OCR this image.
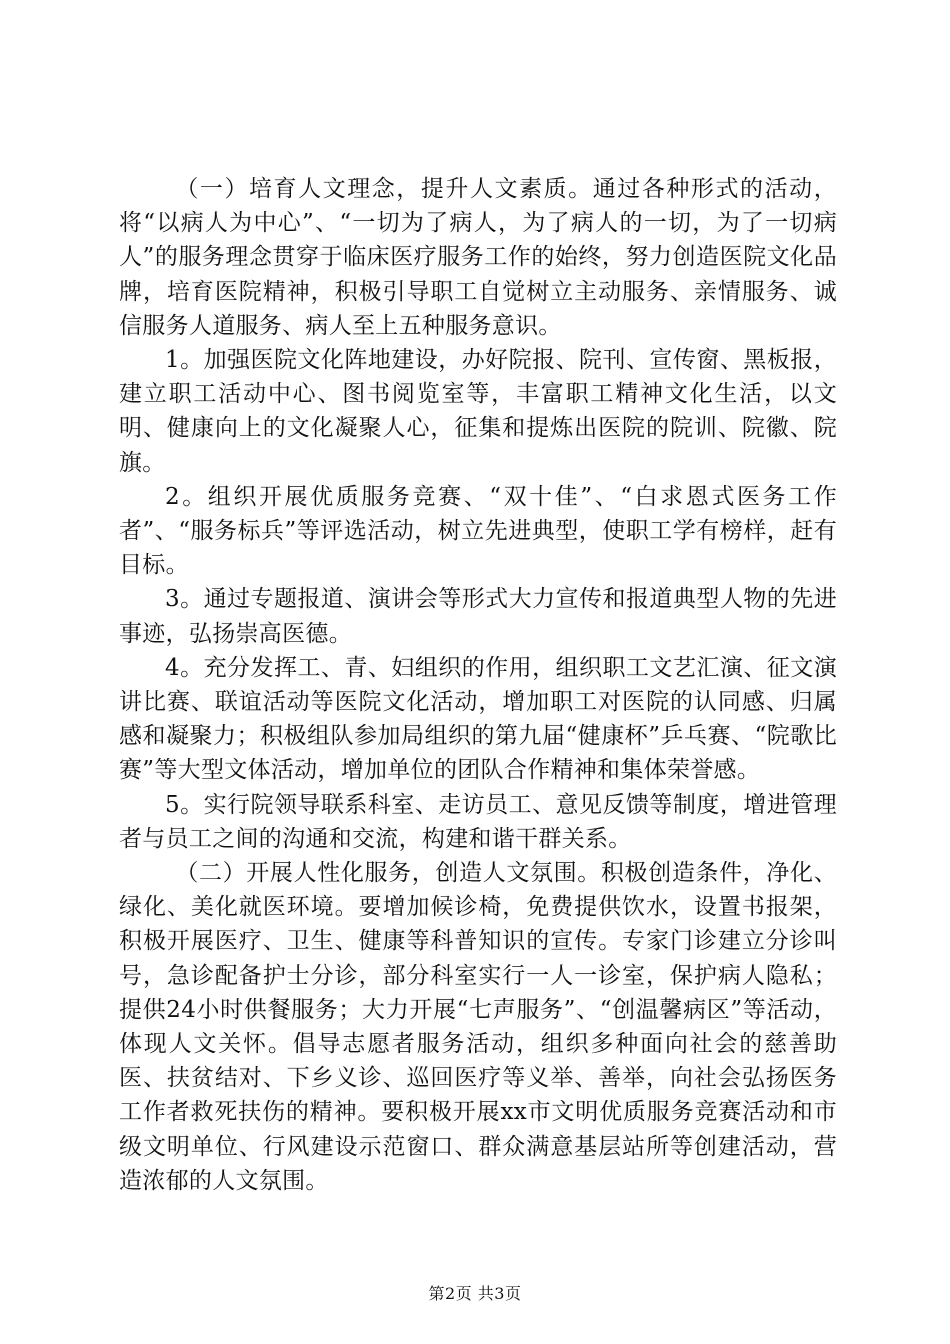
（一）培育人文理念，提升人文素质。通过各种形式的活动，将“以病人为中心”、“一切为了病人，为了病人的一切，为了一切病人”的服务理念贯穿于临床医疗服务工作的始终，努力创造医院文化品牌，培育医院精神，积极引导职工自觉树立主动服务、亲情服务、诚信服务人道服务、病人至上五种服务意识。

1。加强医院文化阵地建设，办好院报、院刊、宣传窗、黑板报，建立职工活动中心、图书阅览室等，丰富职工精神文化生活，以文明、健康向上的文化凝聚人心，征集和提炼出医院的院训、院徽、院旗。

2。组织开展优质服务竞赛、“双十佳”、“白求恩式医务工作者”、“服务标兵”等评选活动，树立先进典型，使职工学有榜样，赶有目标。

3。通过专题报道、演讲会等形式大力宣传和报道典型人物的先进事迹，弘扬崇高医德。

4。充分发挥工、青、妇组织的作用，组织职工文艺汇演、征文演讲比赛、联谊活动等医院文化活动，增加职工对医院的认同感、归属感和凝聚力；积极组队参加局组织的第九届“健康杯”乒乓赛、“院歌比赛”等大型文体活动，增加单位的团队合作精神和集体荣誉感。

5。实行院领导联系科室、走访员工、意见反馈等制度，增进管理者与员工之间的沟通和交流，构建和谐干群关系。

（二）开展人性化服务，创造人文氛围。积极创造条件，净化、绿化、美化就医环境。要增加候诊椅，免费提供饮水，设置书报架，积极开展医疗、卫生、健康等科普知识的宣传。专家门诊建立分诊叫号，急诊配备护士分诊，部分科室实行一人一诊室，保护病人隐私；提供24小时供餐服务；大力开展“七声服务”、“创温馨病区”等活动，体现人文关怀。倡导志愿者服务活动，组织多种面向社会的慈善助医、扶贫结对、下乡义诊、巡回医疗等义举、善举，向社会弘扬医务工作者救死扶伤的精神。要积极开展xx市文明优质服务竞赛活动和市级文明单位、行风建设示范窗口、群众满意基层站所等创建活动，营造浓郁的人文氛围。

第2页 共3页
